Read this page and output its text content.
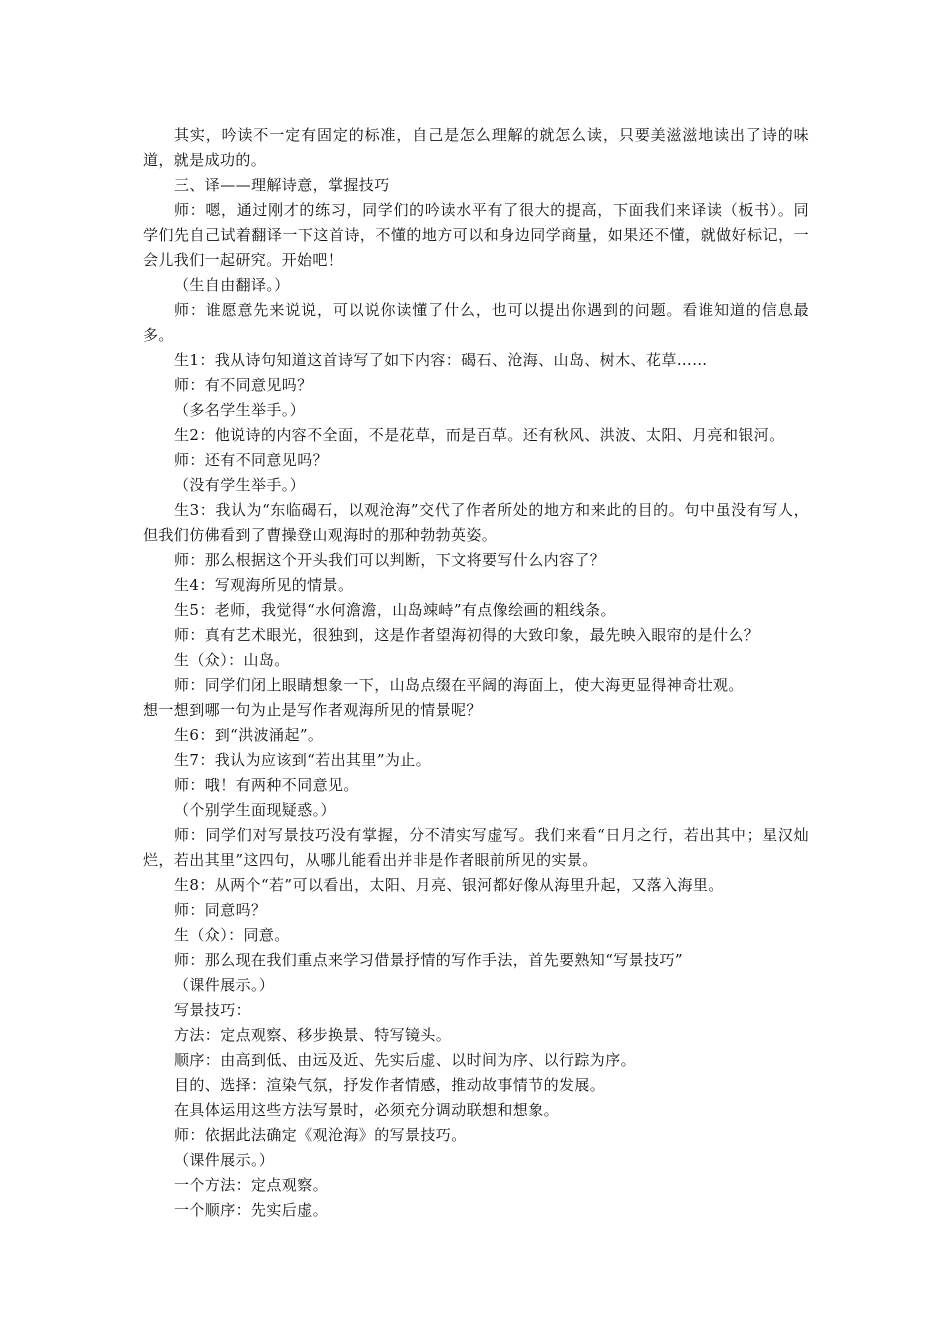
其实，吟读不一定有固定的标准，自己是怎么理解的就怎么读，只要美滋滋地读出了诗的味道，就是成功的。

三、译——理解诗意，掌握技巧

师：嗯，通过刚才的练习，同学们的吟读水平有了很大的提高，下面我们来译读（板书）。同学们先自己试着翻译一下这首诗，不懂的地方可以和身边同学商量，如果还不懂，就做好标记，一会儿我们一起研究。开始吧！

（生自由翻译。）

师：谁愿意先来说说，可以说你读懂了什么，也可以提出你遇到的问题。看谁知道的信息最多。

生1：我从诗句知道这首诗写了如下内容：碣石、沧海、山岛、树木、花草……

师：有不同意见吗？

（多名学生举手。）

生2：他说诗的内容不全面，不是花草，而是百草。还有秋风、洪波、太阳、月亮和银河。

师：还有不同意见吗？

（没有学生举手。）

生3：我认为“东临碣石，以观沧海”交代了作者所处的地方和来此的目的。句中虽没有写人，但我们仿佛看到了曹操登山观海时的那种勃勃英姿。

师：那么根据这个开头我们可以判断，下文将要写什么内容了？

生4：写观海所见的情景。

生5：老师，我觉得“水何澹澹，山岛竦峙”有点像绘画的粗线条。

师：真有艺术眼光，很独到，这是作者望海初得的大致印象，最先映入眼帘的是什么？

生（众）：山岛。

师：同学们闭上眼睛想象一下，山岛点缀在平阔的海面上，使大海更显得神奇壮观。

想一想到哪一句为止是写作者观海所见的情景呢？

生6：到“洪波涌起”。

生7：我认为应该到“若出其里”为止。

师：哦！有两种不同意见。

（个别学生面现疑惑。）

师：同学们对写景技巧没有掌握，分不清实写虚写。我们来看“日月之行，若出其中；星汉灿烂，若出其里”这四句，从哪儿能看出并非是作者眼前所见的实景。

生8：从两个“若”可以看出，太阳、月亮、银河都好像从海里升起，又落入海里。

师：同意吗？

生（众）：同意。

师：那么现在我们重点来学习借景抒情的写作手法，首先要熟知“写景技巧”

（课件展示。）

写景技巧：

方法：定点观察、移步换景、特写镜头。

顺序：由高到低、由远及近、先实后虚、以时间为序、以行踪为序。

目的、选择：渲染气氛，抒发作者情感，推动故事情节的发展。

在具体运用这些方法写景时，必须充分调动联想和想象。

师：依据此法确定《观沧海》的写景技巧。

（课件展示。）

一个方法：定点观察。

一个顺序：先实后虚。
